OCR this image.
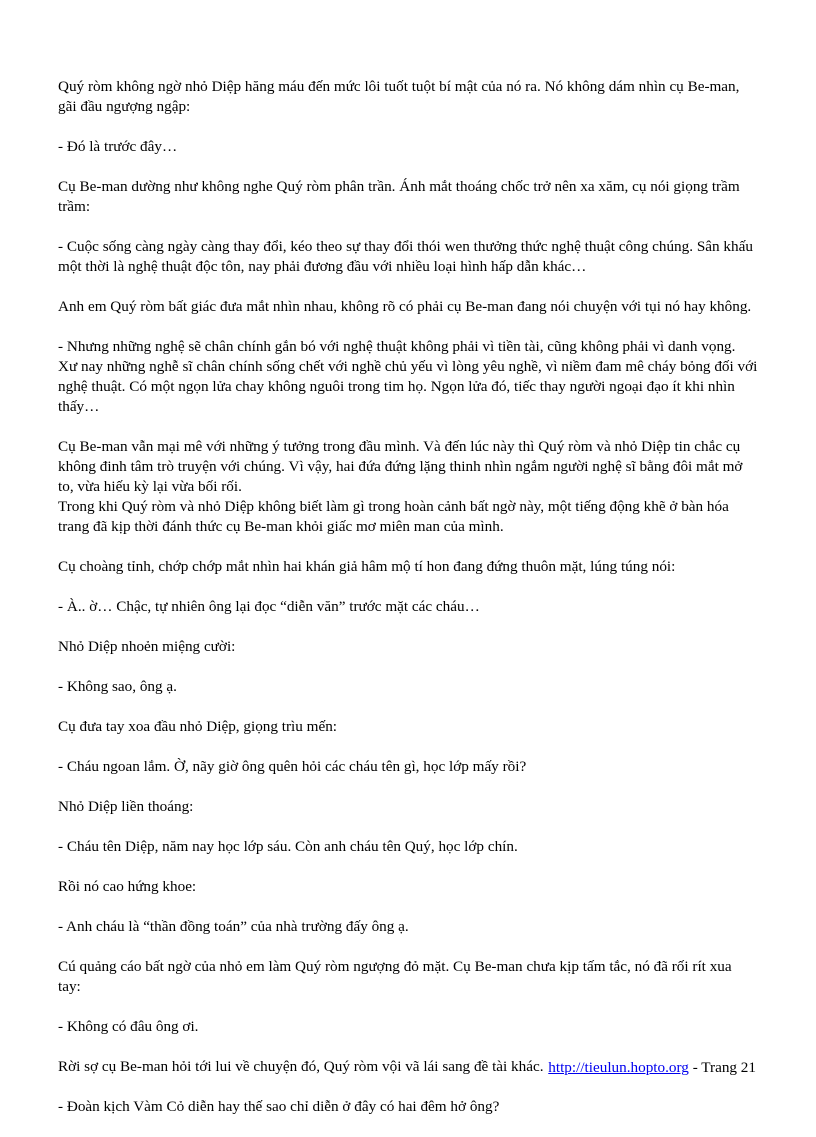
Quý ròm không ngờ nhỏ Diệp hăng máu đến mức lôi tuốt tuột bí mật của nó ra. Nó không dám nhìn cụ Be-man, gãi đầu ngượng ngập:

- Đó là trước đây…

Cụ Be-man dường như không nghe Quý ròm phân trần. Ánh mắt thoáng chốc trở nên xa xăm, cụ nói giọng trầm trầm:

- Cuộc sống càng ngày càng thay đổi, kéo theo sự thay đổi thói wen thưởng thức nghệ thuật công chúng. Sân khấu một thời là nghệ thuật độc tôn, nay phải đương đầu với nhiều loại hình hấp dẫn khác…

Anh em Quý ròm bất giác đưa mắt nhìn nhau, không rõ có phải cụ Be-man đang nói chuyện với tụi nó hay không.

- Nhưng những nghệ sẽ chân chính gắn bó với nghệ thuật không phải vì tiền tài, cũng không phải vì danh vọng. Xư nay những nghễ sĩ chân chính sống chết với nghề chủ yếu vì lòng yêu nghề, vì niềm đam mê cháy bỏng đối với nghệ thuật. Có một ngọn lửa chay không nguôi trong tim họ. Ngọn lửa đó, tiếc thay người ngoại đạo ít khi nhìn thấy…

Cụ Be-man vẫn mại mê với những ý tưởng trong đầu mình. Và đến lúc này thì Quý ròm và nhỏ Diệp tin chắc cụ không đinh tâm trò truyện với chúng. Vì vậy, hai đứa đứng lặng thinh nhìn ngắm người nghệ sĩ bằng đôi mắt mở to, vừa hiếu kỳ lại vừa bối rối.

Trong khi Quý ròm và nhỏ Diệp không biết làm gì trong hoàn cảnh bất ngờ này, một tiếng động khẽ ở bàn hóa trang đã kịp thời đánh thức cụ Be-man khỏi giấc mơ miên man của mình.

Cụ choàng tỉnh, chớp chớp mắt nhìn hai khán giả hâm mộ tí hon đang đứng thuôn mặt, lúng túng nói:

- À.. ờ… Chậc, tự nhiên ông lại đọc “diễn văn” trước mặt các cháu…

Nhỏ Diệp nhoẻn miệng cười:

- Không sao, ông ạ.

Cụ đưa tay xoa đầu nhỏ Diệp, giọng trìu mến:

- Cháu ngoan lắm. Ờ, nãy giờ ông quên hỏi các cháu tên gì, học lớp mấy rồi?

Nhỏ Diệp liền thoáng:

- Cháu tên Diệp, năm nay học lớp sáu. Còn anh cháu tên Quý, học lớp chín.

Rồi nó cao hứng khoe:

- Anh cháu là “thần đồng toán” của nhà trường đấy ông ạ.

Cú quảng cáo bất ngờ của nhỏ em làm Quý ròm ngượng đỏ mặt. Cụ Be-man chưa kịp tấm tắc, nó đã rối rít xua tay:

- Không có đâu ông ơi.

Rời sợ cụ Be-man hỏi tới lui về chuyện đó, Quý ròm vội vã lái sang đề tài khác.

- Đoàn kịch Vàm Cỏ diễn hay thế sao chỉ diễn ở đây có hai đêm hở ông?

http://tieulun.hopto.org - Trang 21
